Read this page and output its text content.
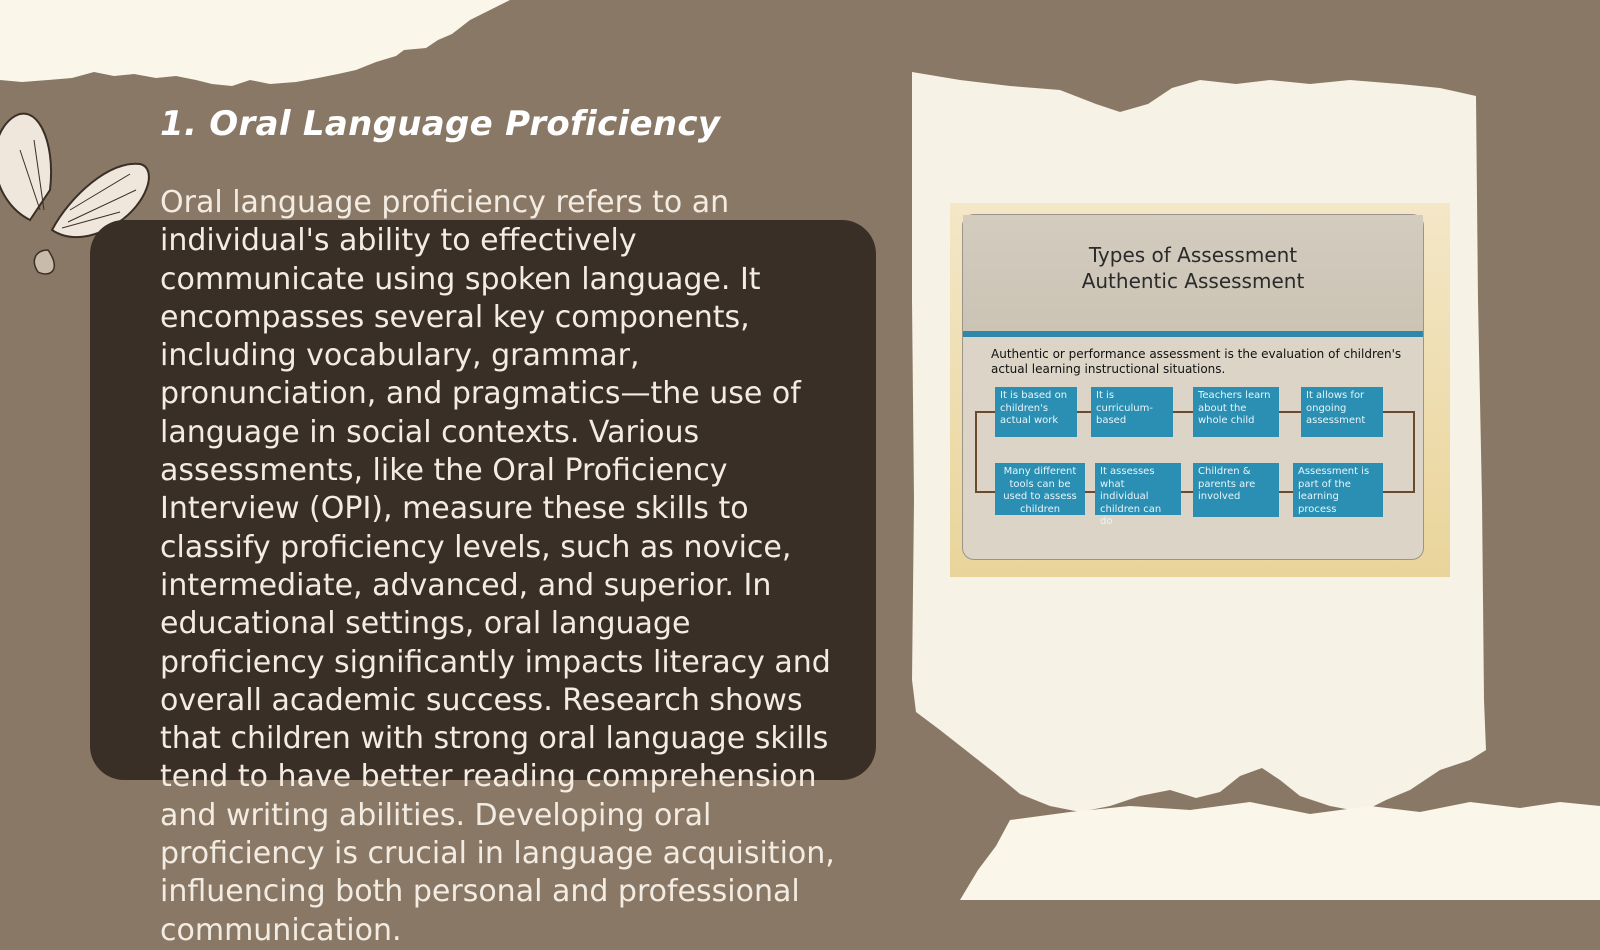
1. Oral Language Proficiency

Oral language proficiency refers to an individual's ability to effectively communicate using spoken language. It encompasses several key components, including vocabulary, grammar, pronunciation, and pragmatics—the use of language in social contexts. Various assessments, like the Oral Proficiency Interview (OPI), measure these skills to classify proficiency levels, such as novice, intermediate, advanced, and superior. In educational settings, oral language proficiency significantly impacts literacy and overall academic success. Research shows that children with strong oral language skills tend to have better reading comprehension and writing abilities. Developing oral proficiency is crucial in language acquisition, influencing both personal and professional communication.

Types of Assessment
Authentic Assessment
Authentic or performance assessment is the evaluation of children's actual learning instructional situations.
It is based on children's actual work
It is curriculum-based
Teachers learn about the whole child
It allows for ongoing assessment
Many different tools can be used to assess children
It assesses what individual children can do
Children & parents are involved
Assessment is part of the learning process
